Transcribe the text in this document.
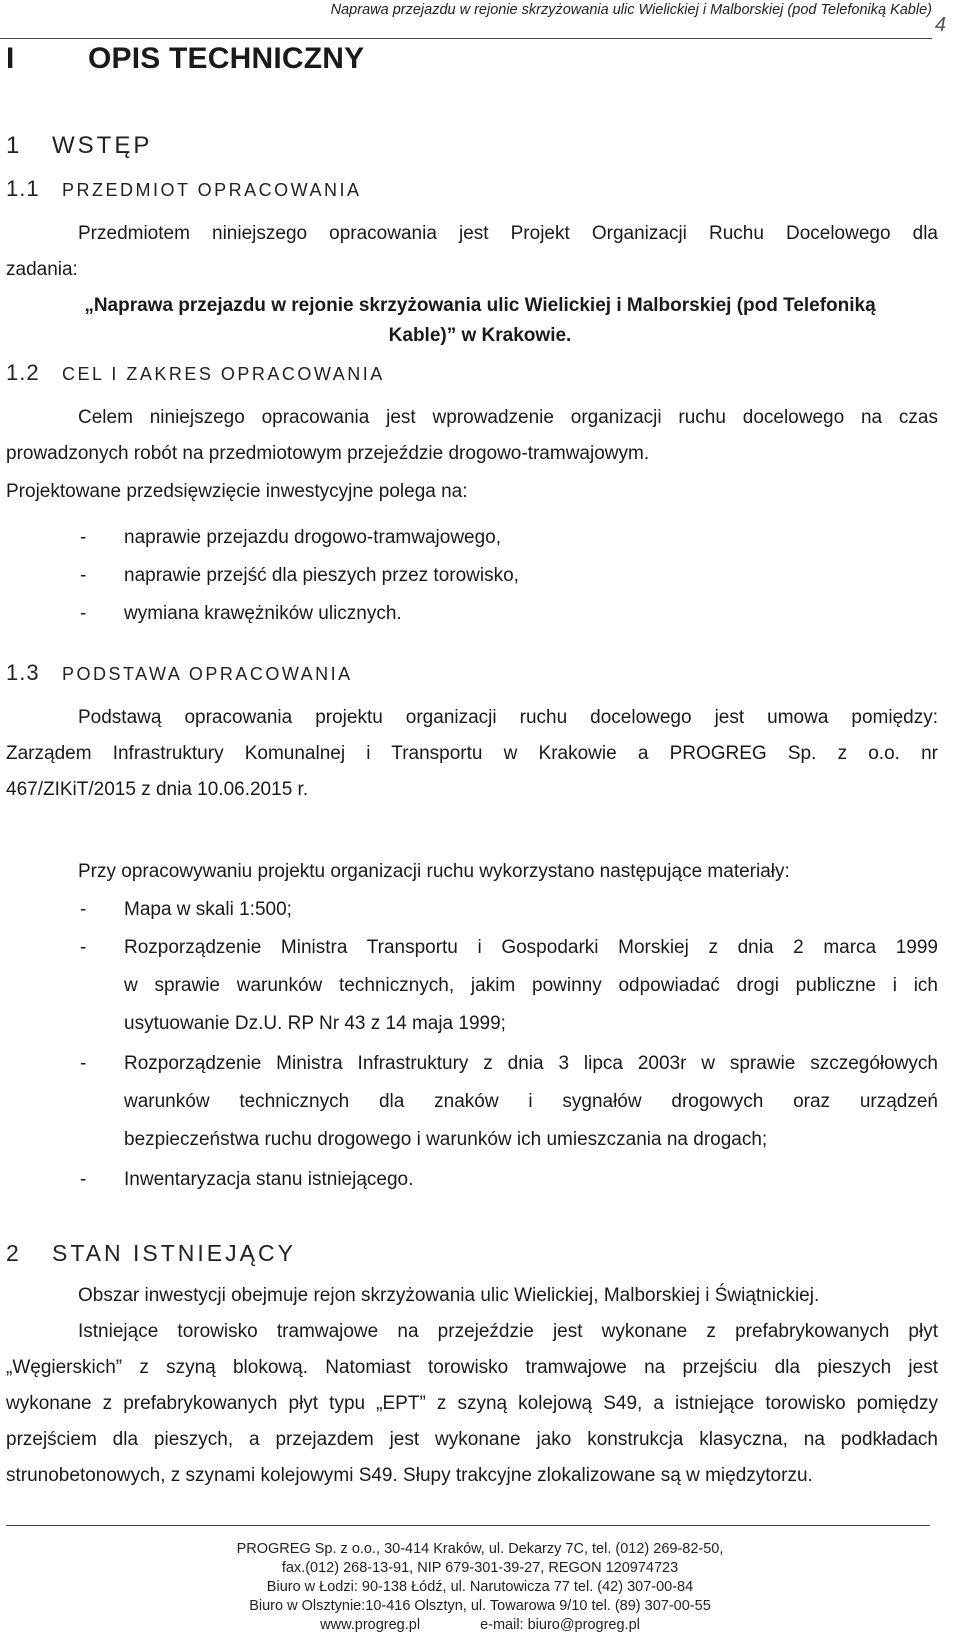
Naprawa przejazdu w rejonie skrzyżowania ulic Wielickiej i Malborskiej (pod Telefoniką Kable)
4
I OPIS TECHNICZNY
1 WSTĘP
1.1 PRZEDMIOT OPRACOWANIA
Przedmiotem niniejszego opracowania jest Projekt Organizacji Ruchu Docelowego dla
zadania:
„Naprawa przejazdu w rejonie skrzyżowania ulic Wielickiej i Malborskiej (pod Telefoniką
Kable)” w Krakowie.
1.2 CEL I ZAKRES OPRACOWANIA
Celem niniejszego opracowania jest wprowadzenie organizacji ruchu docelowego na czas
prowadzonych robót na przedmiotowym przejeździe drogowo-tramwajowym.
Projektowane przedsięwzięcie inwestycyjne polega na:
- naprawie przejazdu drogowo-tramwajowego,
- naprawie przejść dla pieszych przez torowisko,
- wymiana krawężników ulicznych.
1.3 PODSTAWA OPRACOWANIA
Podstawą opracowania projektu organizacji ruchu docelowego jest umowa pomiędzy:
Zarządem Infrastruktury Komunalnej i Transportu w Krakowie a PROGREG Sp. z o.o. nr
467/ZIKiT/2015 z dnia 10.06.2015 r.
Przy opracowywaniu projektu organizacji ruchu wykorzystano następujące materiały:
- Mapa w skali 1:500;
- Rozporządzenie Ministra Transportu i Gospodarki Morskiej z dnia 2 marca 1999
w sprawie warunków technicznych, jakim powinny odpowiadać drogi publiczne i ich
usytuowanie Dz.U. RP Nr 43 z 14 maja 1999;
- Rozporządzenie Ministra Infrastruktury z dnia 3 lipca 2003r w sprawie szczegółowych
warunków technicznych dla znaków i sygnałów drogowych oraz urządzeń
bezpieczeństwa ruchu drogowego i warunków ich umieszczania na drogach;
- Inwentaryzacja stanu istniejącego.
2 STAN ISTNIEJĄCY
Obszar inwestycji obejmuje rejon skrzyżowania ulic Wielickiej, Malborskiej i Świątnickiej.
Istniejące torowisko tramwajowe na przejeździe jest wykonane z prefabrykowanych płyt
„Węgierskich” z szyną blokową. Natomiast torowisko tramwajowe na przejściu dla pieszych jest
wykonane z prefabrykowanych płyt typu „EPT” z szyną kolejową S49, a istniejące torowisko pomiędzy
przejściem dla pieszych, a przejazdem jest wykonane jako konstrukcja klasyczna, na podkładach
strunobetonowych, z szynami kolejowymi S49. Słupy trakcyjne zlokalizowane są w międzytorzu.
PROGREG Sp. z o.o., 30-414 Kraków, ul. Dekarzy 7C, tel. (012) 269-82-50,
fax.(012) 268-13-91, NIP 679-301-39-27, REGON 120974723
Biuro w Łodzi: 90-138 Łódź, ul. Narutowicza 77 tel. (42) 307-00-84
Biuro w Olsztynie:10-416 Olsztyn, ul. Towarowa 9/10 tel. (89) 307-00-55
www.progreg.pl	e-mail: biuro@progreg.pl
